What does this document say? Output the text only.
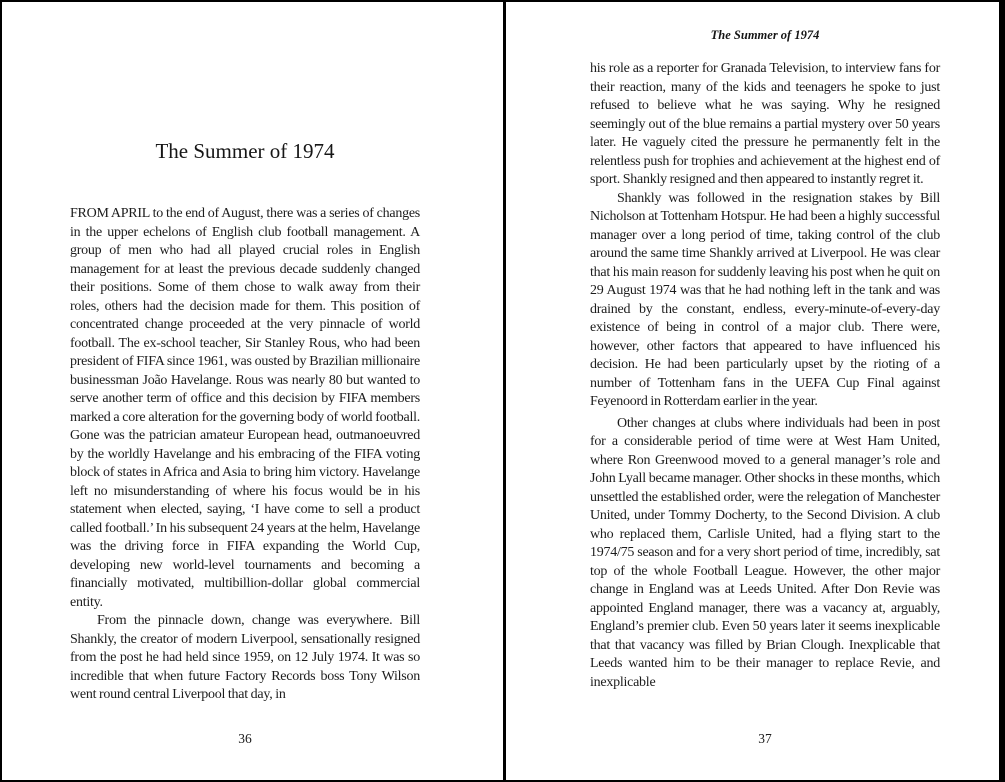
The Summer of 1974

FROM APRIL to the end of August, there was a series of changes in the upper echelons of English club football management. A group of men who had all played crucial roles in English management for at least the previous decade suddenly changed their positions. Some of them chose to walk away from their roles, others had the decision made for them. This position of concentrated change proceeded at the very pinnacle of world football. The ex-school teacher, Sir Stanley Rous, who had been president of FIFA since 1961, was ousted by Brazilian millionaire businessman João Havelange. Rous was nearly 80 but wanted to serve another term of office and this decision by FIFA members marked a core alteration for the governing body of world football. Gone was the patrician amateur European head, outmanoeuvred by the worldly Havelange and his embracing of the FIFA voting block of states in Africa and Asia to bring him victory. Havelange left no misunderstanding of where his focus would be in his statement when elected, saying, ‘I have come to sell a product called football.’ In his subsequent 24 years at the helm, Havelange was the driving force in FIFA expanding the World Cup, developing new world-level tournaments and becoming a financially motivated, multibillion-dollar global commercial entity.

From the pinnacle down, change was everywhere. Bill Shankly, the creator of modern Liverpool, sensationally resigned from the post he had held since 1959, on 12 July 1974. It was so incredible that when future Factory Records boss Tony Wilson went round central Liverpool that day, in

36
The Summer of 1974

his role as a reporter for Granada Television, to interview fans for their reaction, many of the kids and teenagers he spoke to just refused to believe what he was saying. Why he resigned seemingly out of the blue remains a partial mystery over 50 years later. He vaguely cited the pressure he permanently felt in the relentless push for trophies and achievement at the highest end of sport. Shankly resigned and then appeared to instantly regret it.

Shankly was followed in the resignation stakes by Bill Nicholson at Tottenham Hotspur. He had been a highly successful manager over a long period of time, taking control of the club around the same time Shankly arrived at Liverpool. He was clear that his main reason for suddenly leaving his post when he quit on 29 August 1974 was that he had nothing left in the tank and was drained by the constant, endless, every-minute-of-every-day existence of being in control of a major club. There were, however, other factors that appeared to have influenced his decision. He had been particularly upset by the rioting of a number of Tottenham fans in the UEFA Cup Final against Feyenoord in Rotterdam earlier in the year.

Other changes at clubs where individuals had been in post for a considerable period of time were at West Ham United, where Ron Greenwood moved to a general manager’s role and John Lyall became manager. Other shocks in these months, which unsettled the established order, were the relegation of Manchester United, under Tommy Docherty, to the Second Division. A club who replaced them, Carlisle United, had a flying start to the 1974/75 season and for a very short period of time, incredibly, sat top of the whole Football League. However, the other major change in England was at Leeds United. After Don Revie was appointed England manager, there was a vacancy at, arguably, England’s premier club. Even 50 years later it seems inexplicable that that vacancy was filled by Brian Clough. Inexplicable that Leeds wanted him to be their manager to replace Revie, and inexplicable

37
